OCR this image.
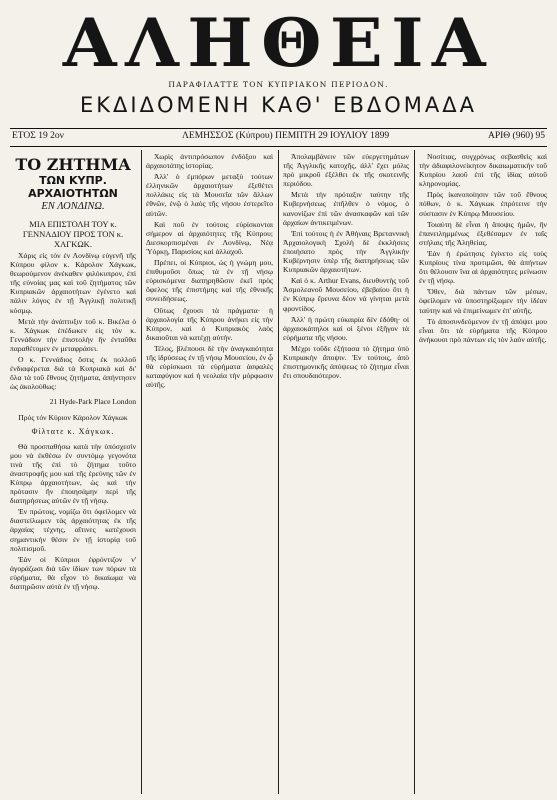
ΑΛΗΘΕΙΑ
ΠΑΡΑΦΙΛΑΤΤΕ ΤΟΝ ΚΥΠΡΙΑΚΟΝ ΠΕΡΙΟΔΟΝ.
ΕΚΔΙΔΟΜΕΝΗ ΚΑΘ' ΕΒΔΟΜΑΔΑ
ΕΤΟΣ 19 2ον	ΛΕΜΗΣΣΟΣ (Κύπρου) ΠΕΜΠΤΗ 29 ΙΟΥΛΙΟΥ 1899	ΑΡΙΘ (960) 95
ΤΟ ΖΗΤΗΜΑ
ΤΩΝ ΚΥΠΡ. ΑΡΧΑΙΟΤΗΤΩΝ
ΕΝ ΛΟΝΔΙΝΩ.
ΜΙΑ ΕΠΙΣΤΟΛΗ ΤΟΥ κ. ΓΕΝΝΑΔΙΟΥ ΠΡΟΣ ΤΟΝ κ. ΧΑΓΚΩΚ.

Χάρις εἰς τὸν ἐν Λονδίνῳ εὑγενῆ τῆς Κύπρου φίλον κ. Κάρολον Χάγκωκ, θεωρούμενον ἀνέκαθεν φιλόκυπρον, ἐπὶ τῆς εὐνοίας μας καὶ τοῦ ζητήματος τῶν Κυπριακῶν ἀρχαιοτήτων ἐγένετο καὶ πάλιν λόγος ἐν τῇ Ἀγγλικῇ πολιτικῇ κόσμῳ.

Μετὰ τὴν ἀνάπτυξιν τοῦ κ. Βικέλα ὁ κ. Χάγκωκ ἐπέδωκεν εἰς τὸν κ. Γεννάδιον τὴν ἐπιστολὴν ἣν ἐνταῦθα παραθέτομεν ἐν μεταφράσει.

Ο κ. Γεννάδιος ὅστις ἐκ πολλοῦ ἐνδιαφέρεται διὰ τὰ Κυπριακὰ καὶ δι' ὅλα τὰ τοῦ ἔθνους ζητήματα, ἀπήντησεν ὡς ἀκολούθως:

21 Hyde-Park Place London
Πρός τόν Κύριον Κάρολον Χάγκωκ
Φίλτατε κ. Χάγκωκ.

Θὰ προσπαθήσω κατὰ τὴν ὑπόσχεσίν μου νὰ ἐκθέσω ἐν συντόμῳ γεγονότα τινὰ τῆς ἐπὶ τὸ ζήτημα τοῦτο ἀναστροφῆς μου καὶ τῆς ἐρεύνης τῶν ἐν Κύπρῳ ἀρχαιοτήτων, ὡς καὶ τὴν πρότασιν ἣν ἐποιησάμην περὶ τῆς διατηρήσεως αὐτῶν ἐν τῇ νήσῳ.

Ἐν πρώτοις, νομίζω ὅτι ὀφείλομεν νὰ διαστείλωμεν τὰς ἀρχαιότητας ἐκ τῆς ἀρχαίας τέχνης, αἵτινες κατέχουσι σημαντικὴν θέσιν ἐν τῇ ἱστορίᾳ τοῦ πολιτισμοῦ.

Ἐὰν οἱ Κύπριοι ἐφρόντιζον ν' ἀγοράζωσι διὰ τῶν ἰδίων των πόρων τὰ εὑρήματα, θὰ εἶχον τὸ δικαίωμα νὰ διατηρῶσιν αὐτὰ ἐν τῇ νήσῳ.

Χωρὶς ἀντιπρόσωπον ἐνδόξου καὶ ἀρχαιοτάτης ἱστορίας.

Ἀλλ' ὁ ἐμπόρων μεταξὺ τούτων ἐλληνικῶν ἀρχαιοτήτων ἐξεθέτει πολλάκις εἰς τὰ Μουσεῖα τῶν ἄλλων ἐθνῶν, ἐνῷ ὁ λαὸς τῆς νήσου ἐστερεῖτο αὐτῶν.

Καὶ ποῦ ἐν τούτοις εὑρίσκονται σήμερον αἱ ἀρχαιότητες τῆς Κύπρου; Διεσκορπισμέναι ἐν Λονδίνῳ, Νέᾳ Ὑόρκῃ, Παρισίοις καὶ ἀλλαχοῦ.

Πρέπει, οἱ Κύπριοι, ὡς ἡ γνώμη μου, ἐπιθυμοῦσι ὅπως τὰ ἐν τῇ νήσῳ εὑρισκόμενα διατηρηθῶσιν ἐκεῖ πρὸς ὄφελος τῆς ἐπιστήμης καὶ τῆς ἐθνικῆς συνειδήσεως.

Οὕτως ἔχουσι τὰ πράγματα· ἡ ἀρχαιολογία τῆς Κύπρου ἀνήκει εἰς τὴν Κύπρον, καὶ ὁ Κυπριακὸς λαὸς δικαιοῦται νὰ κατέχῃ αὐτήν.

Τέλος, βλέπουσι δὲ τὴν ἀναγκαιότητα τῆς ἱδρύσεως ἐν τῇ νήσῳ Μουσείου, ἐν ᾧ θὰ εὑρίσκωσι τὰ εὑρήματα ἀσφαλὲς καταφύγιον καὶ ἡ νεολαία τὴν μόρφωσιν αὐτῆς.

Ἀπολαμβάνειν τῶν εὐεργετημάτων τῆς Ἀγγλικῆς κατοχῆς, ἀλλ' ἔχει μόλις πρὸ μικροῦ ἐξέλθει ἐκ τῆς σκοτεινῆς περιόδου.

Μετὰ τὴν πρόταξιν ταύτην τῆς Κυβερνήσεως ἐπῆλθεν ὁ νόμος, ὁ κανονίζων ἐπὶ τῶν ἀνασκαφῶν καὶ τῶν ἀρχαίων ἀντικειμένων.

Ἐπὶ τούτοις ἡ ἐν Ἀθήναις Βρεταννικὴ Ἀρχαιολογικὴ Σχολὴ δὲ ἐκκλήσεις ἐποιήσατο πρὸς τὴν Ἀγγλικὴν Κυβέρνησιν ὑπὲρ τῆς διατηρήσεως τῶν Κυπριακῶν ἀρχαιοτήτων.

Καὶ ὁ κ. Arthur Evans, διευθυντὴς τοῦ Ἀσμολεανοῦ Μουσείου, ἐβεβαίου ὅτι ἡ ἐν Κύπρῳ ἔρευνα δέον νὰ γίνηται μετὰ φροντίδος.

Ἀλλ' ἡ πρώτη εὐκαιρία δὲν ἐδόθη· οἱ ἀρχαιοκάπηλοι καὶ οἱ ξένοι ἐξῆγον τὰ εὑρήματα τῆς νήσου.

Μέχρι τοῦδε ἐξήτασα τὸ ζήτημα ὑπὸ Κυπριακὴν ἄποψιν. Ἐν τούτοις, ἀπὸ ἐπιστημονικῆς ἀπόψεως τὸ ζήτημα εἶναι ἔτι σπουδαιότερον.

Νοσίτιας, συγχρόνως σεβασθεὶς καὶ τὴν ἀδιαφιλονείκητον δικαιωματικὴν τοῦ Κυπρίου λαοῦ ἐπὶ τῆς ἰδίας αὐτοῦ κληρονομίας.

Πρὸς ἱκανοποίησιν τῶν τοῦ ἔθνους πόθων, ὁ κ. Χάγκωκ ἐπρότεινε τὴν σύστασιν ἐν Κύπρῳ Μουσείου.

Τοιαύτη δὲ εἶναι ἡ ἄποψις ἡμῶν, ἣν ἐπανειλημμένως ἐξεθέσαμεν ἐν ταῖς στήλαις τῆς Ἀληθείας.

Ἐὰν ἡ ἐρώτησις ἐγίνετο εἰς τοὺς Κυπρίους τίνα προτιμῶσι, θὰ ἀπήντων ὅτι θέλουσιν ἵνα αἱ ἀρχαιότητες μείνωσιν ἐν τῇ νήσῳ.

Ὅθεν, διὰ πάντων τῶν μέσων, ὀφείλομεν νὰ ὑποστηρίξωμεν τὴν ἰδέαν ταύτην καὶ νὰ ἐπιμείνωμεν ἐπ' αὐτῆς.

Τὸ ἀποσυνδεόμενον ἐν τῇ ἀπόψει μου εἶναι ὅτι τὰ εὑρήματα τῆς Κύπρου ἀνήκουσι πρὸ πάντων εἰς τὸν λαὸν αὐτῆς.
